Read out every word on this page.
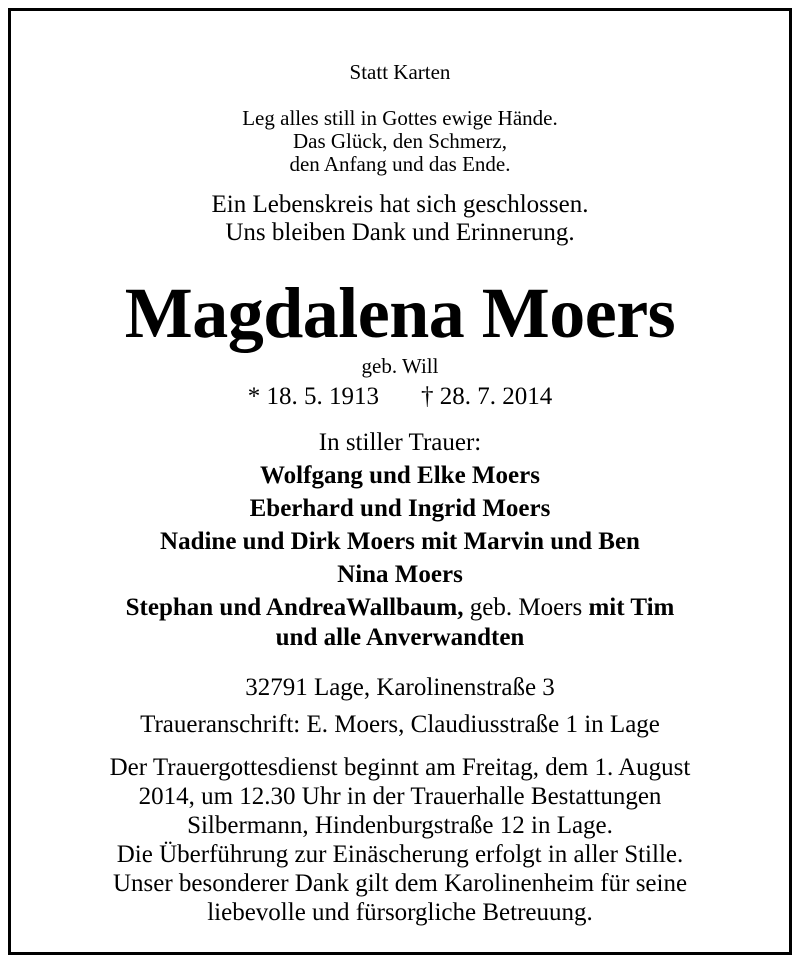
Statt Karten
Leg alles still in Gottes ewige Hände.
Das Glück, den Schmerz,
den Anfang und das Ende.
Ein Lebenskreis hat sich geschlossen.
Uns bleiben Dank und Erinnerung.
Magdalena Moers
geb. Will
* 18. 5. 1913 † 28. 7. 2014
In stiller Trauer:
Wolfgang und Elke Moers
Eberhard und Ingrid Moers
Nadine und Dirk Moers mit Marvin und Ben
Nina Moers
Stephan und AndreaWallbaum, geb. Moers mit Tim
und alle Anverwandten
32791 Lage, Karolinenstraße 3
Traueranschrift: E. Moers, Claudiusstraße 1 in Lage
Der Trauergottesdienst beginnt am Freitag, dem 1. August
2014, um 12.30 Uhr in der Trauerhalle Bestattungen
Silbermann, Hindenburgstraße 12 in Lage.
Die Überführung zur Einäscherung erfolgt in aller Stille.
Unser besonderer Dank gilt dem Karolinenheim für seine
liebevolle und fürsorgliche Betreuung.
